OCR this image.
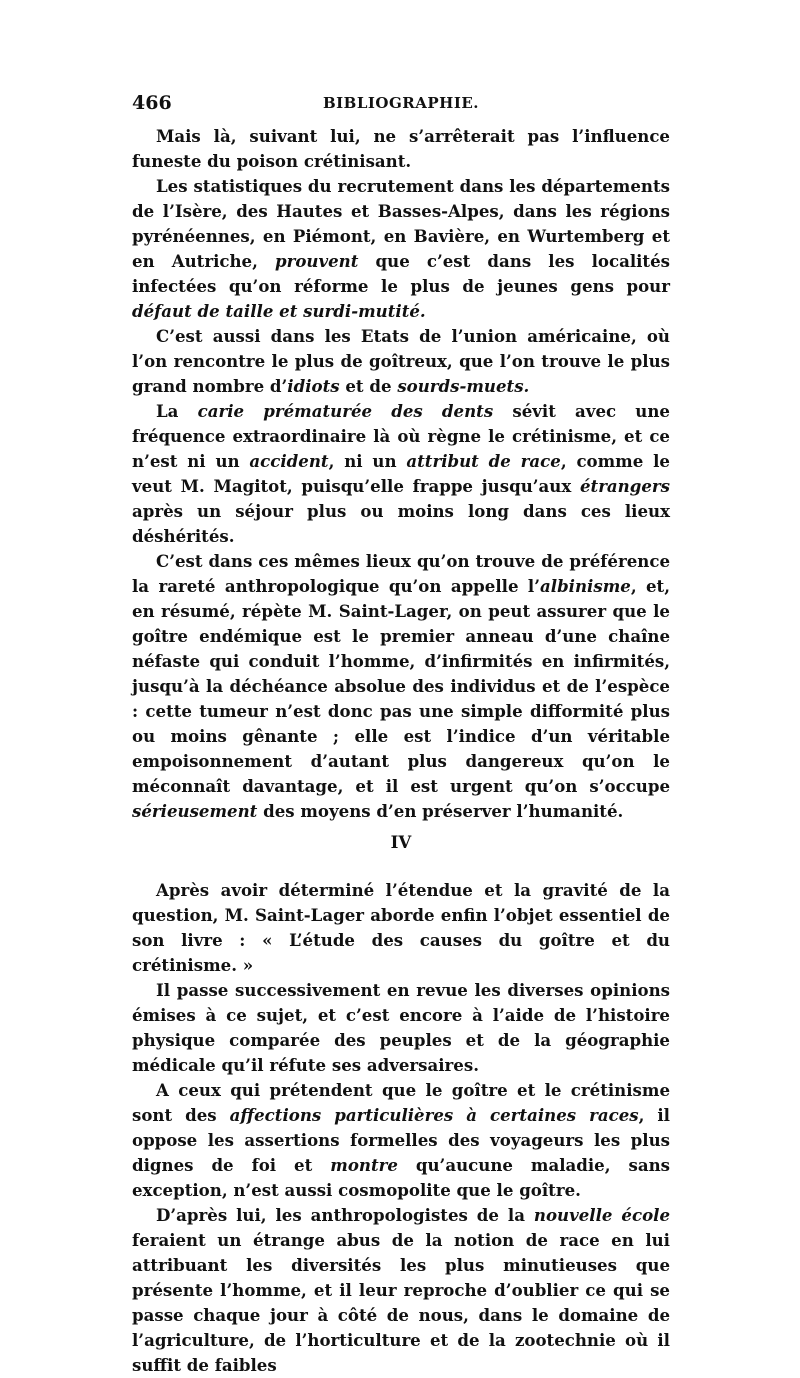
466	BIBLIOGRAPHIE.

Mais là, suivant lui, ne s’arrêterait pas l’influence funeste du poison crétinisant.

Les statistiques du recrutement dans les départements de l’Isère, des Hautes et Basses-Alpes, dans les régions pyrénéennes, en Piémont, en Bavière, en Wurtemberg et en Autriche, prouvent que c’est dans les localités infectées qu’on réforme le plus de jeunes gens pour défaut de taille et surdi-mutité.

C’est aussi dans les Etats de l’union américaine, où l’on rencontre le plus de goîtreux, que l’on trouve le plus grand nombre d’idiots et de sourds-muets.

La carie prématurée des dents sévit avec une fréquence extraordinaire là où règne le crétinisme, et ce n’est ni un accident, ni un attribut de race, comme le veut M. Magitot, puisqu’elle frappe jusqu’aux étrangers après un séjour plus ou moins long dans ces lieux déshérités.

C’est dans ces mêmes lieux qu’on trouve de préférence la rareté anthropologique qu’on appelle l’albinisme, et, en résumé, répète M. Saint-Lager, on peut assurer que le goître endémique est le premier anneau d’une chaîne néfaste qui conduit l’homme, d’infirmités en infirmités, jusqu’à la déchéance absolue des individus et de l’espèce : cette tumeur n’est donc pas une simple difformité plus ou moins gênante ; elle est l’indice d’un véritable empoisonnement d’autant plus dangereux qu’on le méconnaît davantage, et il est urgent qu’on s’occupe sérieusement des moyens d’en préserver l’humanité.

IV

Après avoir déterminé l’étendue et la gravité de la question, M. Saint-Lager aborde enfin l’objet essentiel de son livre : « L’étude des causes du goître et du crétinisme. »

Il passe successivement en revue les diverses opinions émises à ce sujet, et c’est encore à l’aide de l’histoire physique comparée des peuples et de la géographie médicale qu’il réfute ses adversaires.

A ceux qui prétendent que le goître et le crétinisme sont des affections particulières à certaines races, il oppose les assertions formelles des voyageurs les plus dignes de foi et montre qu’aucune maladie, sans exception, n’est aussi cosmopolite que le goître.

D’après lui, les anthropologistes de la nouvelle école feraient un étrange abus de la notion de race en lui attribuant les diversités les plus minutieuses que présente l’homme, et il leur reproche d’oublier ce qui se passe chaque jour à côté de nous, dans le domaine de l’agriculture, de l’horticulture et de la zootechnie où il suffit de faibles
